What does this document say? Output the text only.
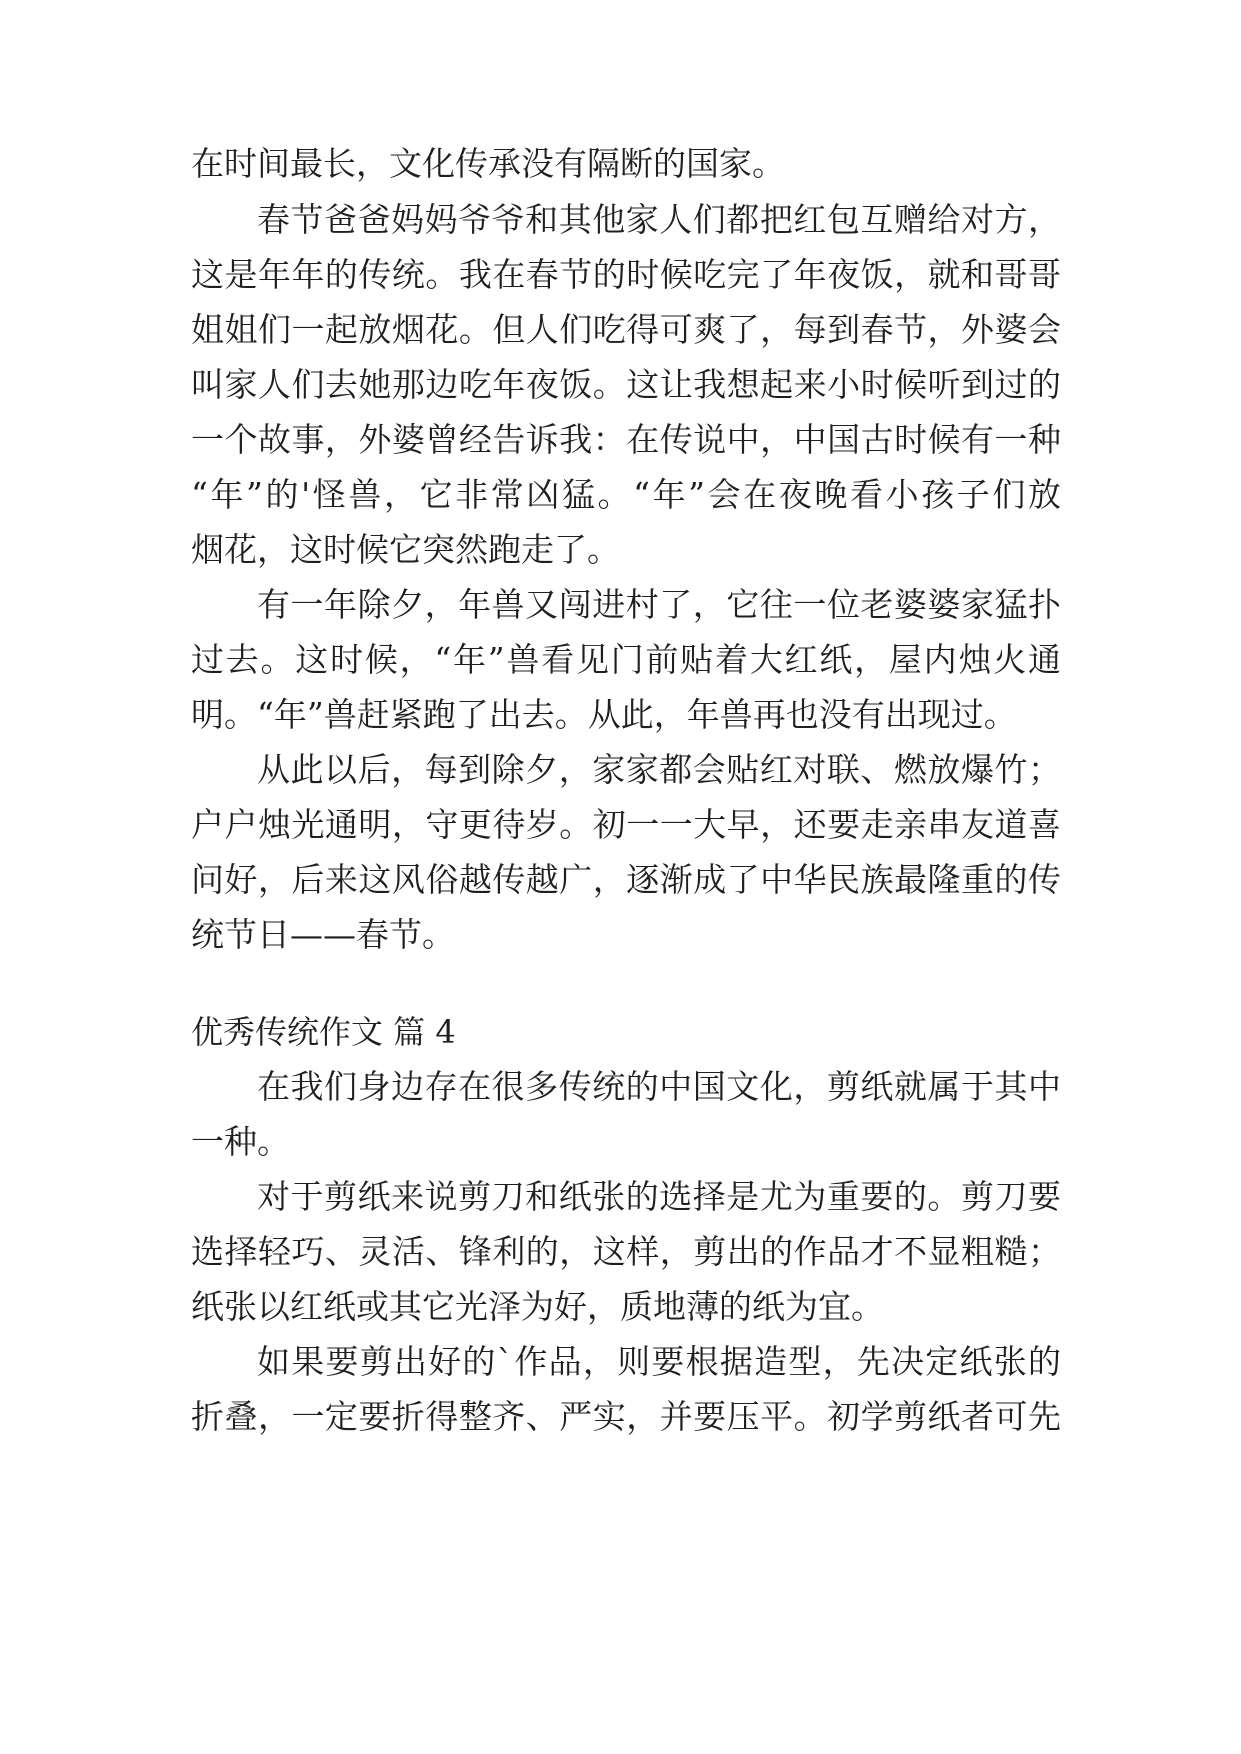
在时间最长，文化传承没有隔断的国家。
春节爸爸妈妈爷爷和其他家人们都把红包互赠给对方，
这是年年的传统。我在春节的时候吃完了年夜饭，就和哥哥
姐姐们一起放烟花。但人们吃得可爽了，每到春节，外婆会
叫家人们去她那边吃年夜饭。这让我想起来小时候听到过的
一个故事，外婆曾经告诉我：在传说中，中国古时候有一种
“年”的'怪兽，它非常凶猛。“年”会在夜晚看小孩子们放
烟花，这时候它突然跑走了。
有一年除夕，年兽又闯进村了，它往一位老婆婆家猛扑
过去。这时候，“年”兽看见门前贴着大红纸，屋内烛火通
明。“年”兽赶紧跑了出去。从此，年兽再也没有出现过。
从此以后，每到除夕，家家都会贴红对联、燃放爆竹；
户户烛光通明，守更待岁。初一一大早，还要走亲串友道喜
问好，后来这风俗越传越广，逐渐成了中华民族最隆重的传
统节日——春节。
优秀传统作文 篇 4
在我们身边存在很多传统的中国文化，剪纸就属于其中
一种。
对于剪纸来说剪刀和纸张的选择是尤为重要的。剪刀要
选择轻巧、灵活、锋利的，这样，剪出的作品才不显粗糙；
纸张以红纸或其它光泽为好，质地薄的纸为宜。
如果要剪出好的`作品，则要根据造型，先决定纸张的
折叠，一定要折得整齐、严实，并要压平。初学剪纸者可先
